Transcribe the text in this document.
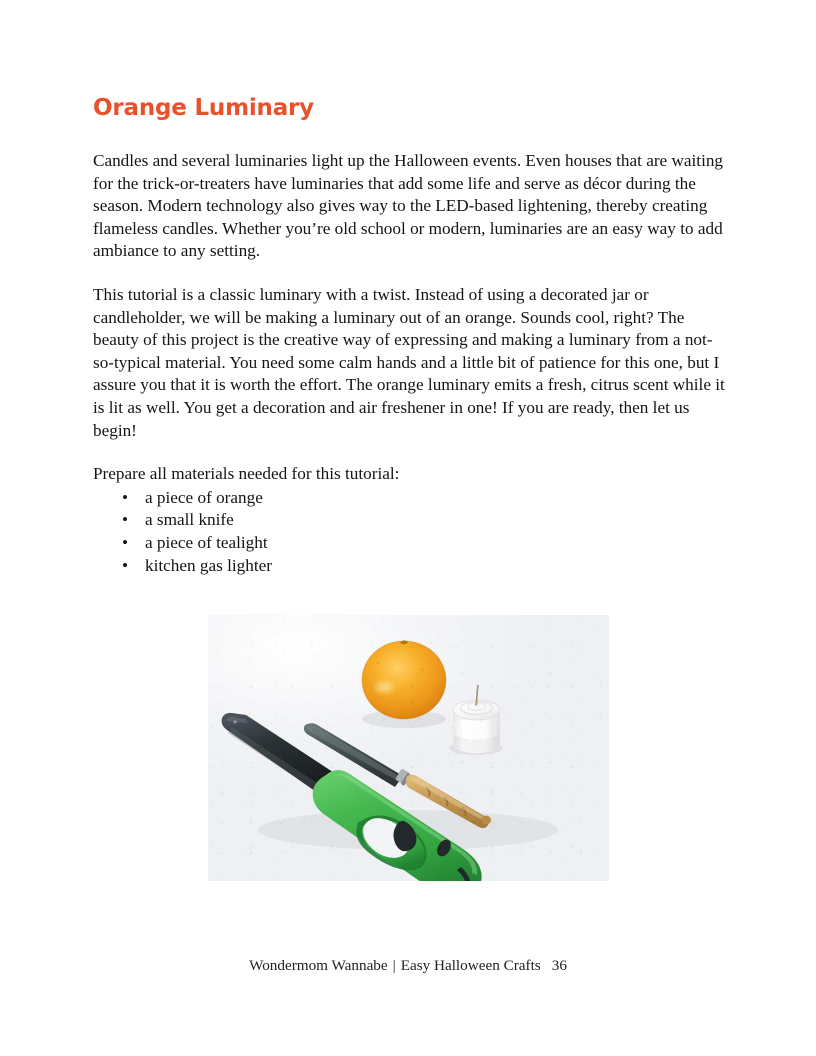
Orange Luminary

Candles and several luminaries light up the Halloween events. Even houses that are waiting for the trick-or-treaters have luminaries that add some life and serve as décor during the season. Modern technology also gives way to the LED-based lightening, thereby creating flameless candles. Whether you’re old school or modern, luminaries are an easy way to add ambiance to any setting.

This tutorial is a classic luminary with a twist. Instead of using a decorated jar or candleholder, we will be making a luminary out of an orange. Sounds cool, right? The beauty of this project is the creative way of expressing and making a luminary from a not-so-typical material. You need some calm hands and a little bit of patience for this one, but I assure you that it is worth the effort. The orange luminary emits a fresh, citrus scent while it is lit as well. You get a decoration and air freshener in one! If you are ready, then let us begin!

Prepare all materials needed for this tutorial:

• a piece of orange
• a small knife
• a piece of tealight
• kitchen gas lighter
Wondermom Wannabe | Easy Halloween Crafts 36
